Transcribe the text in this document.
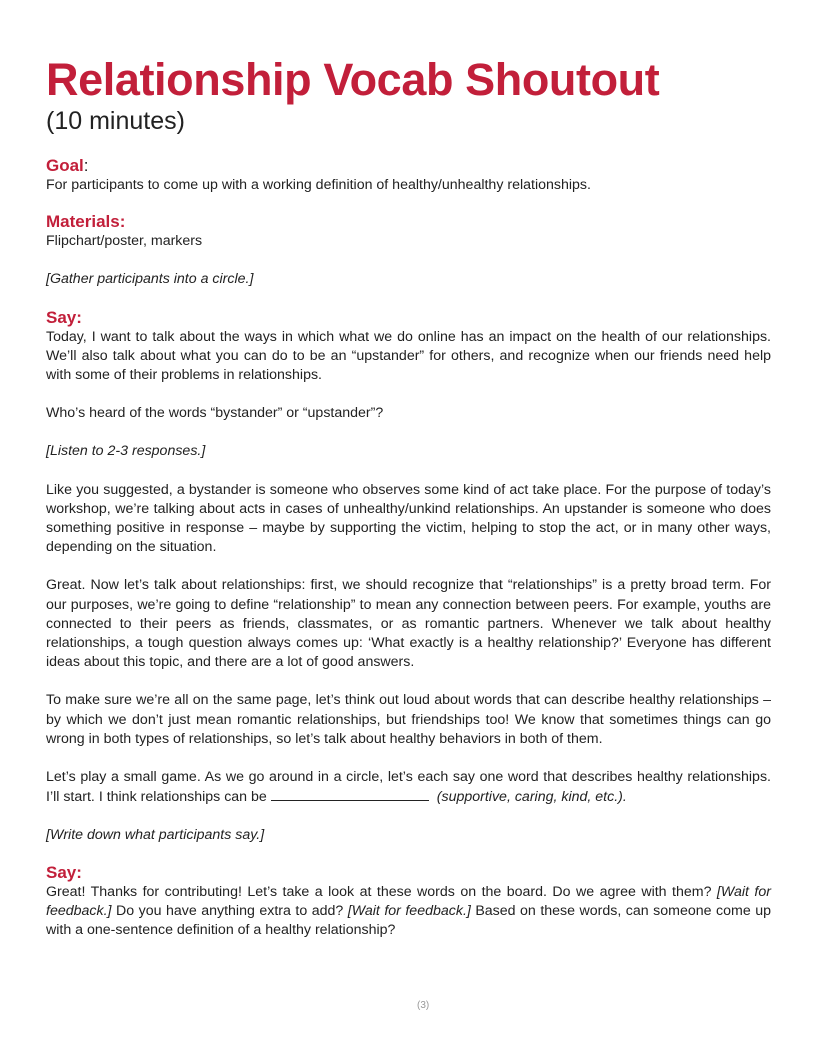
Relationship Vocab Shoutout
(10 minutes)
Goal:

For participants to come up with a working definition of healthy/unhealthy relationships.

Materials:

Flipchart/poster, markers

[Gather participants into a circle.]

Say:

Today, I want to talk about the ways in which what we do online has an impact on the health of our relationships. We’ll also talk about what you can do to be an “upstander” for others, and recognize when our friends need help with some of their problems in relationships.

Who’s heard of the words “bystander” or “upstander”?

[Listen to 2-3 responses.]

Like you suggested, a bystander is someone who observes some kind of act take place. For the purpose of today’s workshop, we’re talking about acts in cases of unhealthy/unkind relationships. An upstander is someone who does something positive in response – maybe by supporting the victim, helping to stop the act, or in many other ways, depending on the situation.

Great. Now let’s talk about relationships: first, we should recognize that “relationships” is a pretty broad term. For our purposes, we’re going to define “relationship” to mean any connection between peers. For example, youths are connected to their peers as friends, classmates, or as romantic partners. Whenever we talk about healthy relationships, a tough question always comes up: ‘What exactly is a healthy relationship?’ Everyone has different ideas about this topic, and there are a lot of good answers.

To make sure we’re all on the same page, let’s think out loud about words that can describe healthy relationships – by which we don’t just mean romantic relationships, but friendships too! We know that sometimes things can go wrong in both types of relationships, so let’s talk about healthy behaviors in both of them.

Let’s play a small game. As we go around in a circle, let’s each say one word that describes healthy relationships. I’ll start. I think relationships can be	(supportive, caring, kind, etc.).

[Write down what participants say.]

Say:

Great! Thanks for contributing! Let’s take a look at these words on the board. Do we agree with them? [Wait for feedback.] Do you have anything extra to add? [Wait for feedback.] Based on these words, can someone come up with a one-sentence definition of a healthy relationship?

(3)
